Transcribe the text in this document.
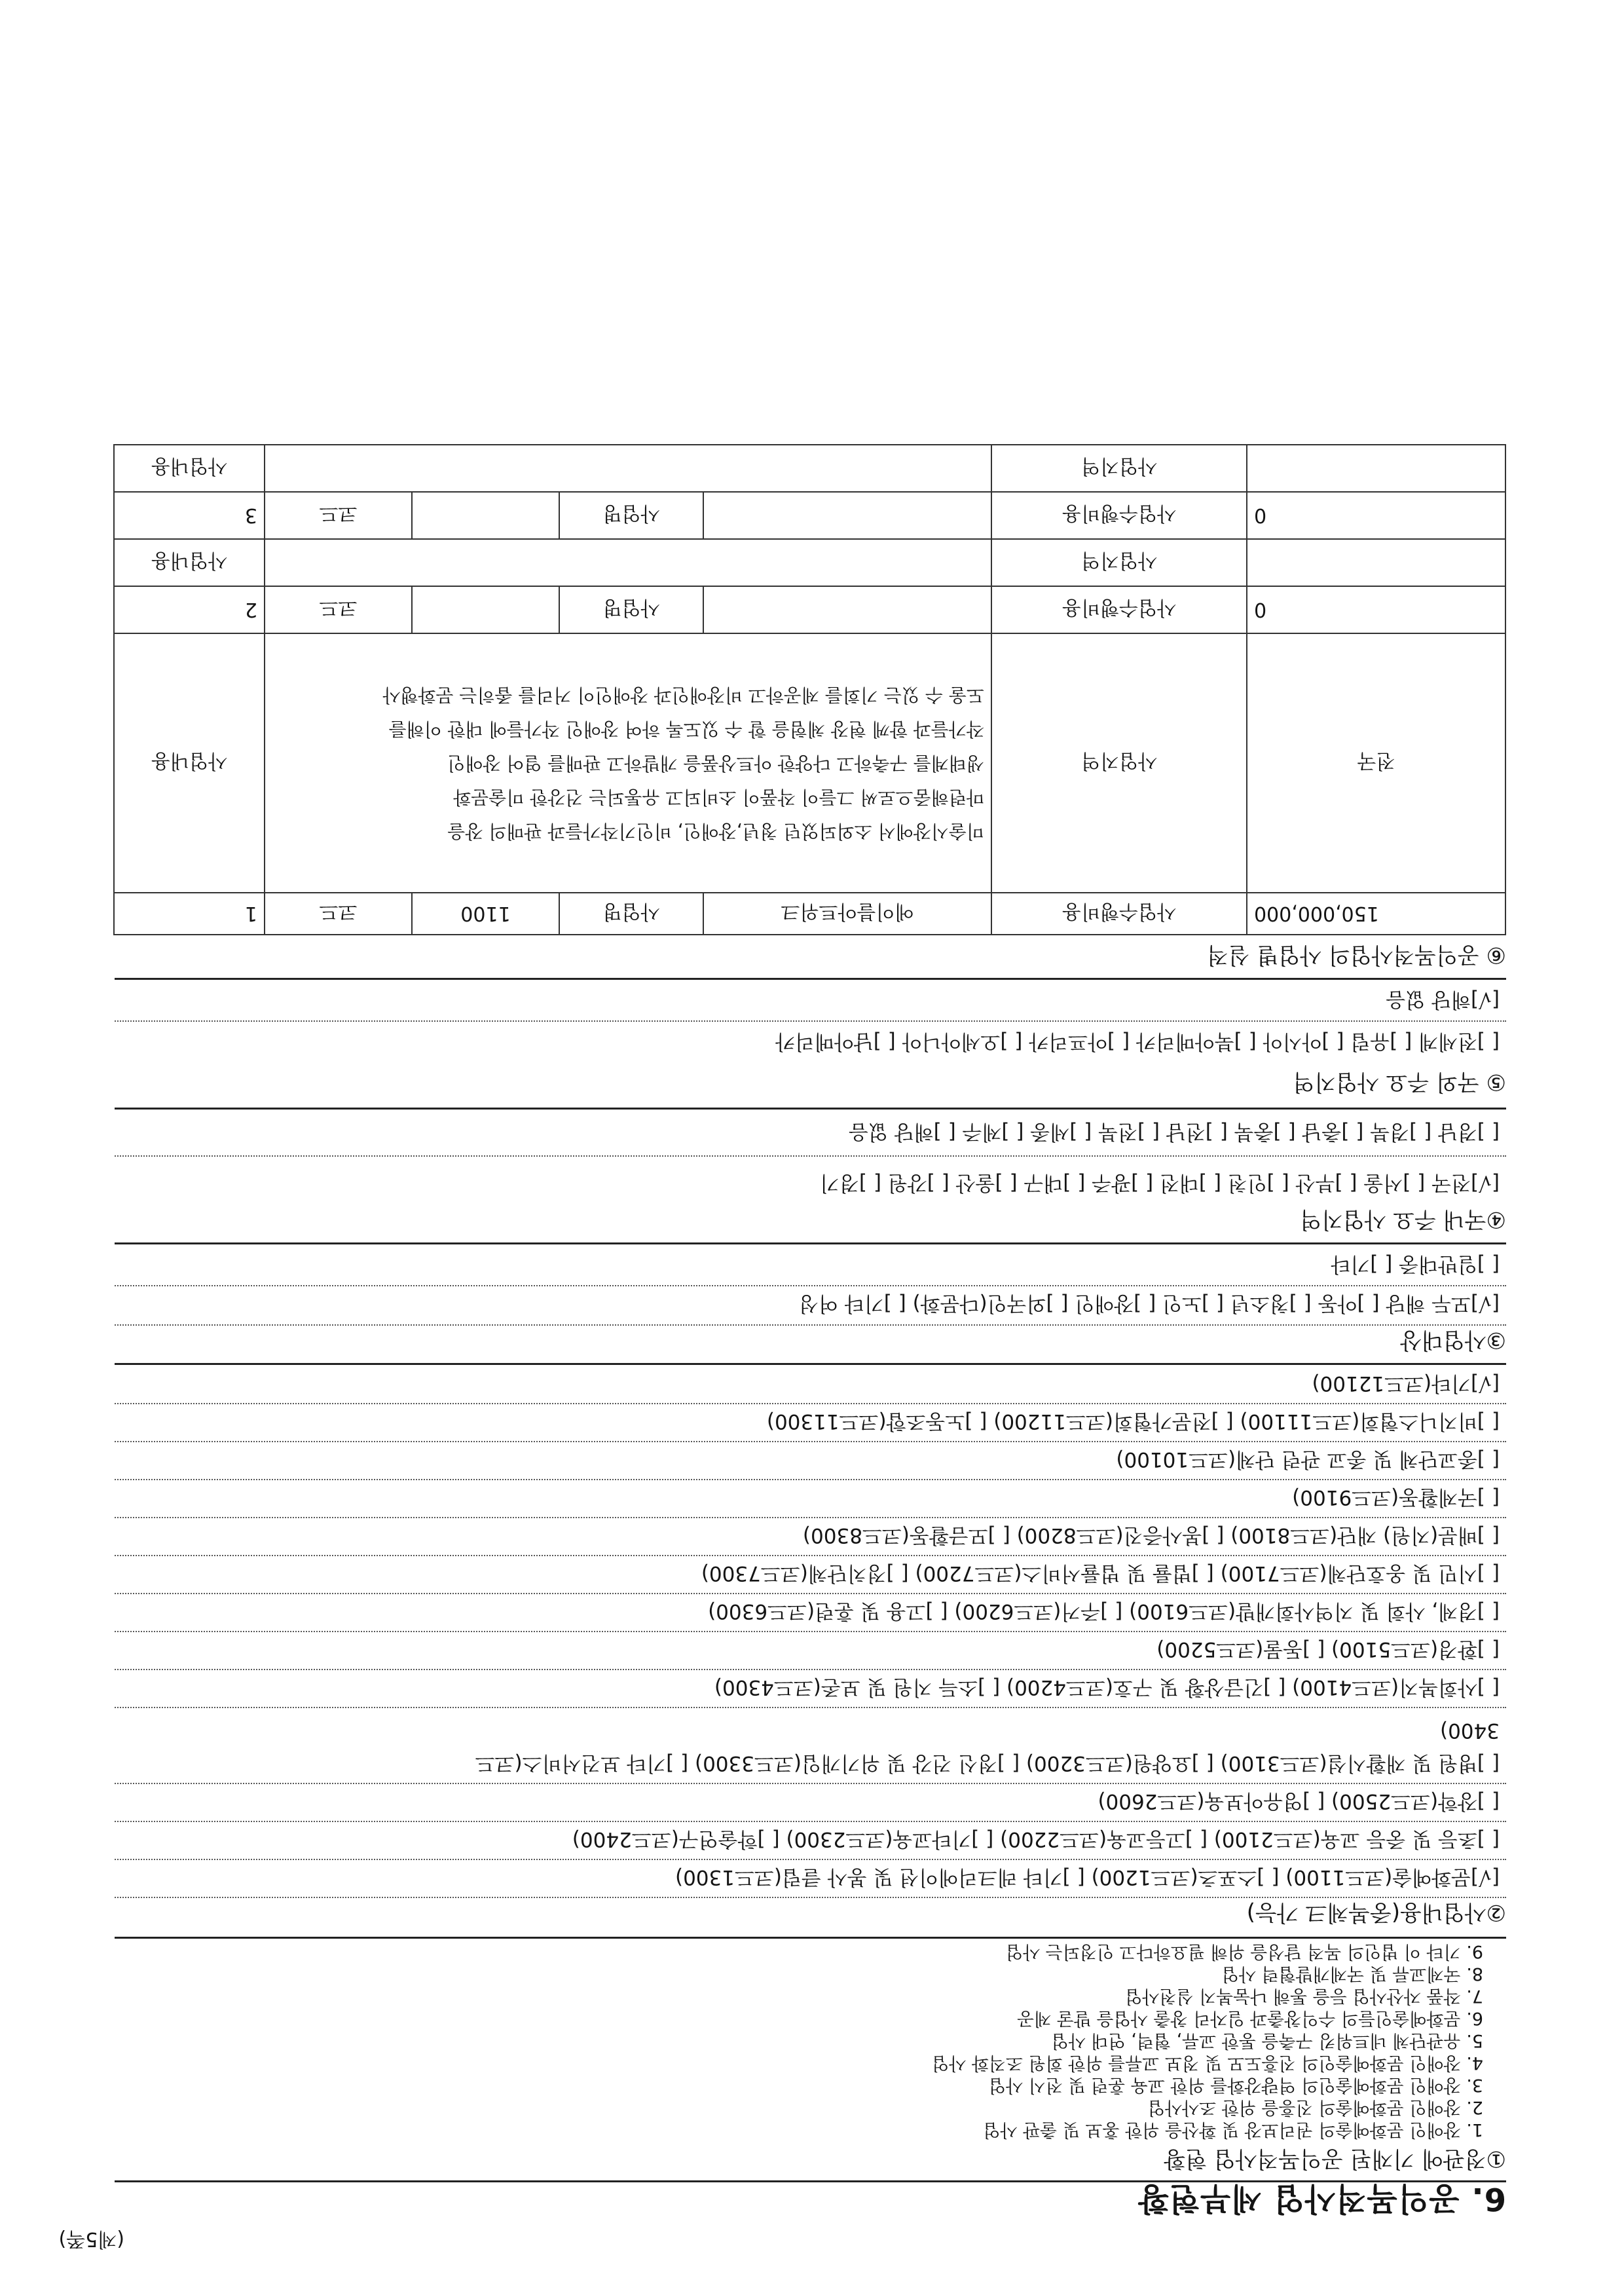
(제5쪽)
6. 공익목적사업 세부현황
①정관에 기재된 공익목적사업 현황
1. 장애인 문화예술의 권리보장 및 확산을 위한 홍보 및 출판 사업
2. 장애인 문화예술의 진흥을 위한 조사사업
3. 장애인 문화예술인의 역량강화를 위한 교육 훈련 및 전시 사업
4. 장애인 문화예술인의 진흥도모 및 정보 교류를 위한 회원 조직화 사업
5. 유관단체 네트워킹 구축을 통한 교류, 협력, 연대 사업
6. 문화예술인들의 수익창출과 일자리 창출 사업을 발굴 제공
7. 작품 자산사업 등을 통해 나눔복지 실천사업
8. 국제교류 및 국제개발협력 사업
9. 기타 이 법인의 목적 달성을 위해 필요하다고 인정되는 사업
②사업내용(중복체크 가능)
[√]문화예술(코드1100) [ ]스포츠(코드1200) [ ]기타 레크리에이션 및 봉사 클럽(코드1300)
[ ]초등 및 중등 교육(코드2100) [ ]고등교육(코드2200) [ ]기타교육(코드2300) [ ]학술연구(코드2400)
[ ]장학(코드2500) [ ]영유아보육(코드2600)
[ ]병원 및 재활시설(코드3100) [ ]요양원(코드3200) [ ]정신 건강 및 위기개입(코드3300) [ ]기타 보건서비스(코드
3400)
[ ]사회복지(코드4100) [ ]긴급상황 및 구호(코드4200) [ ]소득 지원 및 보존(코드4300)
[ ]환경(코드5100) [ ]동물(코드5200)
[ ]경제, 사회 및 지역사회개발(코드6100) [ ]주거(코드6200) [ ]고용 및 훈련(코드6300)
[ ]시민 및 옹호단체(코드7100) [ ]법률 및 법률서비스(코드7200) [ ]정치단체(코드7300)
[ ]배분(지원) 재단(코드8100) [ ]봉사증진(코드8200) [ ]모금활동(코드8300)
[ ]국제활동(코드9100)
[ ]종교단체 및 종교 관련 단체(코드10100)
[ ]비지니스협회(코드11100) [ ]전문가협회(코드11200) [ ]노동조합(코드11300)
[√]기타(코드12100)
③사업대상
[√]모두 해당 [ ]아동 [ ]청소년 [ ]노인 [ ]장애인 [ ]외국인(다문화) [ ]기타 여성
[ ]일반대중 [ ]기타
④국내 주요 사업지역
[√]전국 [ ]서울 [ ]부산 [ ]인천 [ ]대전 [ ]광주 [ ]대구 [ ]울산 [ ]강원 [ ]경기
[ ]경남 [ ]경북 [ ]충남 [ ]충북 [ ]전남 [ ]전북 [ ]세종 [ ]제주 [ ]해당 없음
⑤ 국외 주요 사업지역
[ ]전세계 [ ]유럽 [ ]아시아 [ ]북아메리카 [ ]아프리카 [ ]오세아니아 [ ]남아메리카
[√]해당 없음
⑥ 공익목적사업의 사업별 실적
150,000,000	사업수행비용	에이블아트위크	사업명	1100	코드	1
전국	사업지역	미술시장에서 소외되었던 청년,장애인, 비인기작가들과 판매의 장을
마련해줌으로써 그들이 작품이 소비되고 유통되는 건강한 미술문화
생태계를 구축하고 다양한 아트상품을 개발하고 판매를 열어 장애인
작가들과 함께 현장 체험을 할 수 있도록 하여 장애인 작가들에 대한 이해를
도울 수 있는 기회를 제공하고 비장애인과 장애인이 거리를 좁히는 문화행사				사업내용
0	사업수행비용		사업명		코드	2
	사업지역					사업내용
0	사업수행비용		사업명		코드	3
	사업지역					사업내용
